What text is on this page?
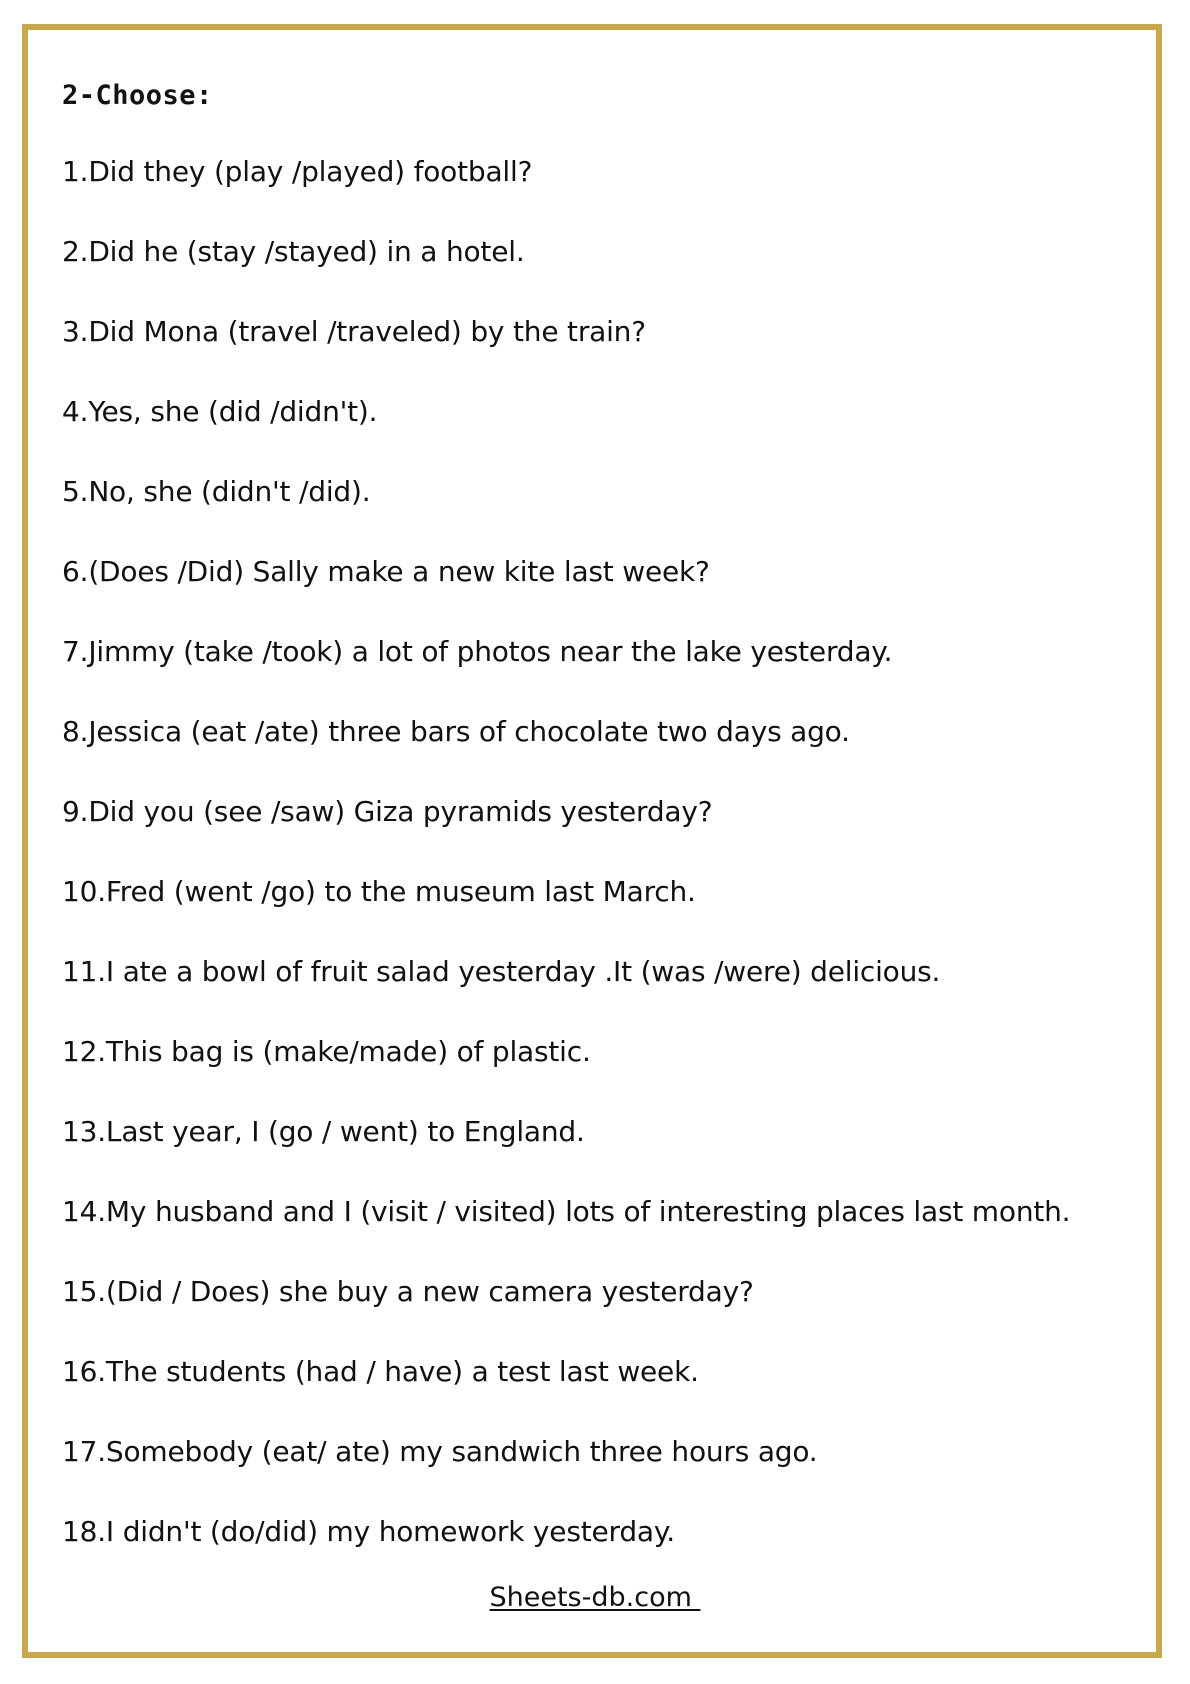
2-Choose:
1.Did they (play /played) football?
2.Did he (stay /stayed) in a hotel.
3.Did Mona (travel /traveled) by the train?
4.Yes, she (did /didn't).
5.No, she (didn't /did).
6.(Does /Did) Sally make a new kite last week?
7.Jimmy (take /took) a lot of photos near the lake yesterday.
8.Jessica (eat /ate) three bars of chocolate two days ago.
9.Did you (see /saw) Giza pyramids yesterday?
10.Fred (went /go) to the museum last March.
11.I ate a bowl of fruit salad yesterday .It (was /were) delicious.
12.This bag is (make/made) of plastic.
13.Last year, I (go / went) to England.
14.My husband and I (visit / visited) lots of interesting places last month.
15.(Did / Does) she buy a new camera yesterday?
16.The students (had / have) a test last week.
17.Somebody (eat/ ate) my sandwich three hours ago.
18.I didn't (do/did) my homework yesterday.
Sheets-db.com
